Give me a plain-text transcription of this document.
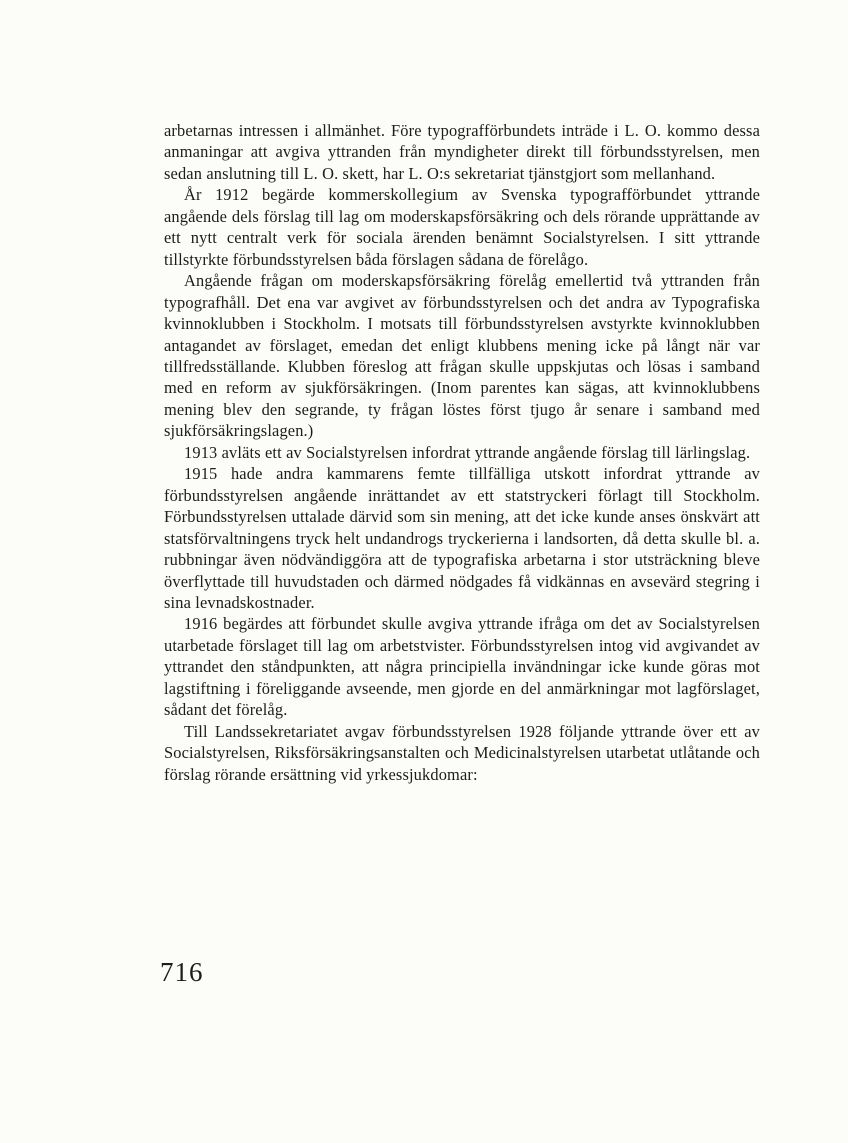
arbetarnas intressen i allmänhet. Före typografförbundets inträde i L. O. kommo dessa anmaningar att avgiva yttranden från myndigheter direkt till förbundsstyrelsen, men sedan anslutning till L. O. skett, har L. O:s sekretariat tjänstgjort som mellanhand.

År 1912 begärde kommerskollegium av Svenska typografförbundet yttrande angående dels förslag till lag om moderskapsförsäkring och dels rörande upprättande av ett nytt centralt verk för sociala ärenden benämnt Socialstyrelsen. I sitt yttrande tillstyrkte förbundsstyrelsen båda förslagen sådana de förelågo.

Angående frågan om moderskapsförsäkring förelåg emellertid två yttranden från typografhåll. Det ena var avgivet av förbundsstyrelsen och det andra av Typografiska kvinnoklubben i Stockholm. I motsats till förbundsstyrelsen avstyrkte kvinnoklubben antagandet av förslaget, emedan det enligt klubbens mening icke på långt när var tillfredsställande. Klubben föreslog att frågan skulle uppskjutas och lösas i samband med en reform av sjukförsäkringen. (Inom parentes kan sägas, att kvinnoklubbens mening blev den segrande, ty frågan löstes först tjugo år senare i samband med sjukförsäkringslagen.)

1913 avläts ett av Socialstyrelsen infordrat yttrande angående förslag till lärlingslag.

1915 hade andra kammarens femte tillfälliga utskott infordrat yttrande av förbundsstyrelsen angående inrättandet av ett statstryckeri förlagt till Stockholm. Förbundsstyrelsen uttalade därvid som sin mening, att det icke kunde anses önskvärt att statsförvaltningens tryck helt undandrogs tryckerierna i landsorten, då detta skulle bl. a. rubbningar även nödvändiggöra att de typografiska arbetarna i stor utsträckning bleve överflyttade till huvudstaden och därmed nödgades få vidkännas en avsevärd stegring i sina levnadskostnader.

1916 begärdes att förbundet skulle avgiva yttrande ifråga om det av Socialstyrelsen utarbetade förslaget till lag om arbetstvister. Förbundsstyrelsen intog vid avgivandet av yttrandet den ståndpunkten, att några principiella invändningar icke kunde göras mot lagstiftning i föreliggande avseende, men gjorde en del anmärkningar mot lagförslaget, sådant det förelåg.

Till Landssekretariatet avgav förbundsstyrelsen 1928 följande yttrande över ett av Socialstyrelsen, Riksförsäkringsanstalten och Medicinalstyrelsen utarbetat utlåtande och förslag rörande ersättning vid yrkessjukdomar:

716
